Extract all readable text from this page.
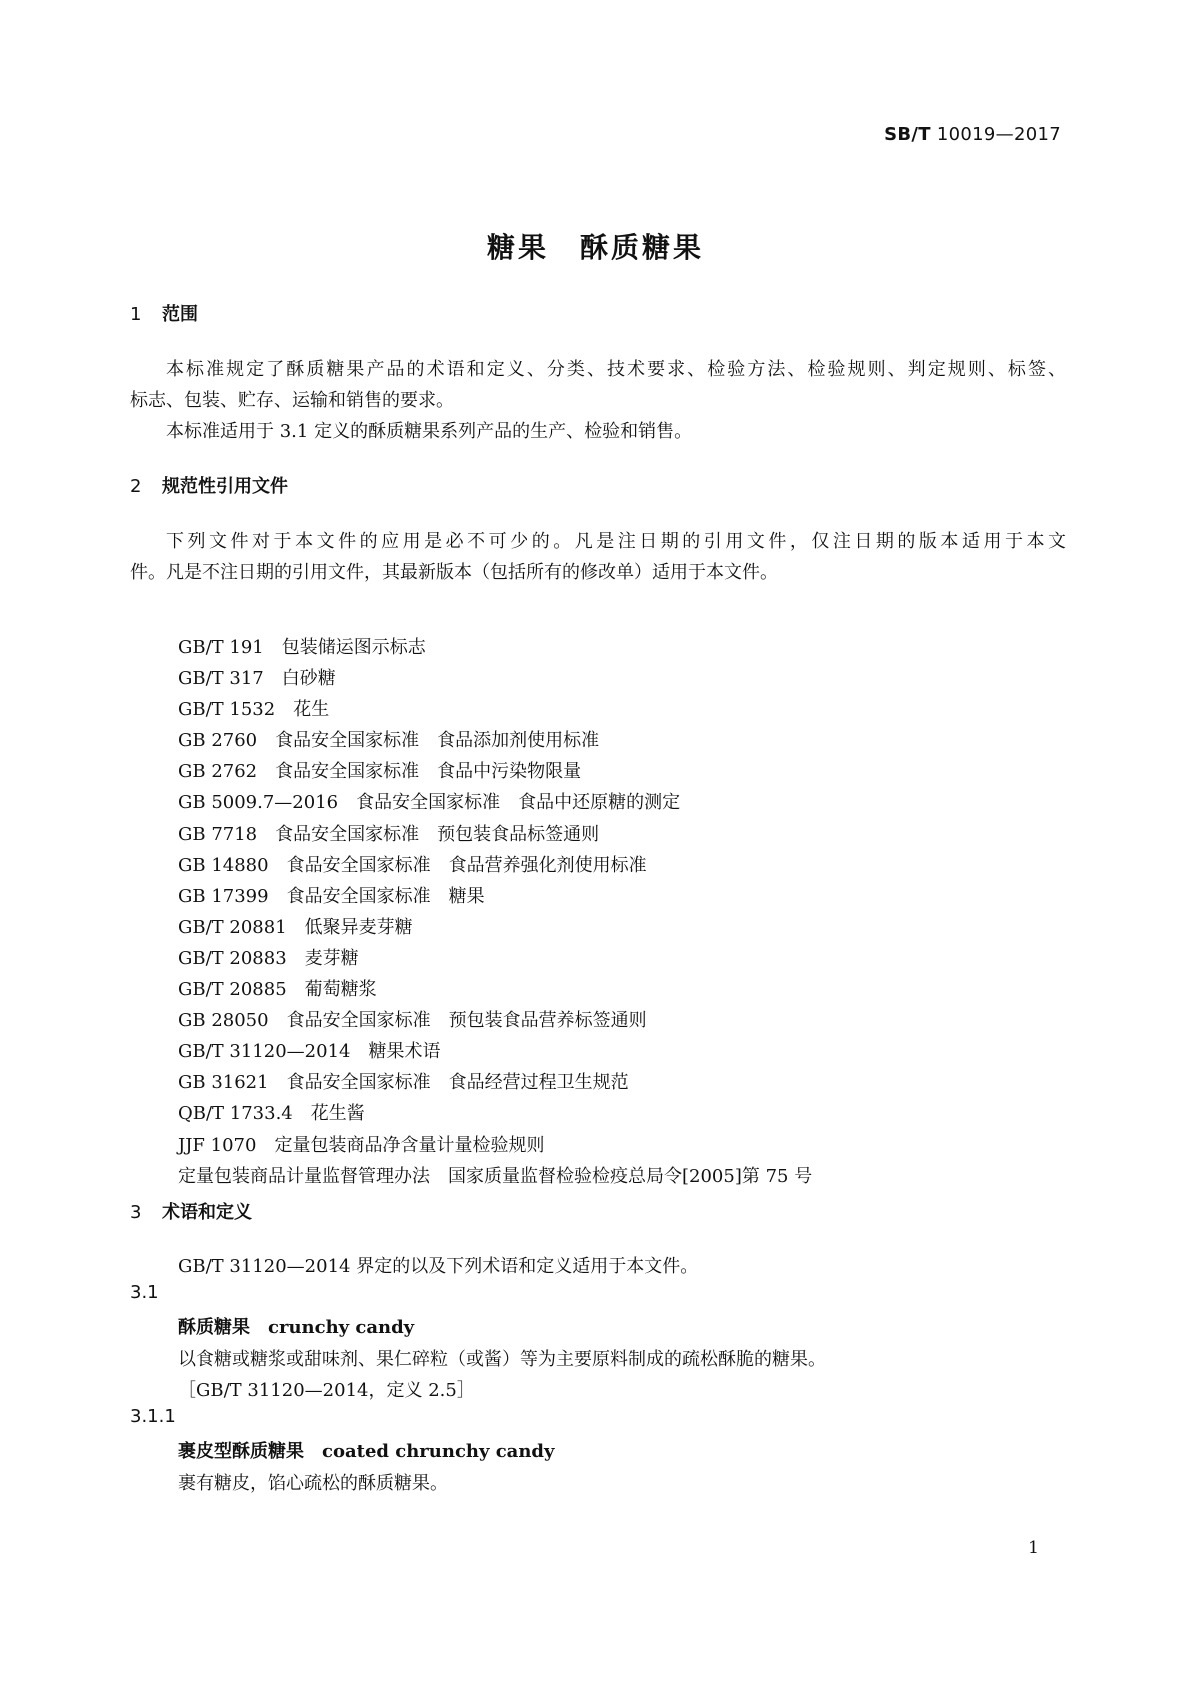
SB/T 10019—2017
糖果　酥质糖果
1 范围
本标准规定了酥质糖果产品的术语和定义、分类、技术要求、检验方法、检验规则、判定规则、标签、
标志、包装、贮存、运输和销售的要求。
本标准适用于 3.1 定义的酥质糖果系列产品的生产、检验和销售。
2 规范性引用文件
下列文件对于本文件的应用是必不可少的。凡是注日期的引用文件，仅注日期的版本适用于本文
件。凡是不注日期的引用文件，其最新版本（包括所有的修改单）适用于本文件。
GB/T 191 包装储运图示标志
GB/T 317 白砂糖
GB/T 1532 花生
GB 2760 食品安全国家标准　食品添加剂使用标准
GB 2762 食品安全国家标准　食品中污染物限量
GB 5009.7—2016 食品安全国家标准　食品中还原糖的测定
GB 7718 食品安全国家标准　预包装食品标签通则
GB 14880 食品安全国家标准　食品营养强化剂使用标准
GB 17399 食品安全国家标准　糖果
GB/T 20881 低聚异麦芽糖
GB/T 20883 麦芽糖
GB/T 20885 葡萄糖浆
GB 28050 食品安全国家标准　预包装食品营养标签通则
GB/T 31120—2014 糖果术语
GB 31621 食品安全国家标准　食品经营过程卫生规范
QB/T 1733.4 花生酱
JJF 1070 定量包装商品净含量计量检验规则
定量包装商品计量监督管理办法 国家质量监督检验检疫总局令[2005]第 75 号
3 术语和定义
GB/T 31120—2014 界定的以及下列术语和定义适用于本文件。
3.1
酥质糖果 crunchy candy
以食糖或糖浆或甜味剂、果仁碎粒（或酱）等为主要原料制成的疏松酥脆的糖果。
［GB/T 31120—2014，定义 2.5］
3.1.1
裹皮型酥质糖果 coated chrunchy candy
裹有糖皮，馅心疏松的酥质糖果。
1
